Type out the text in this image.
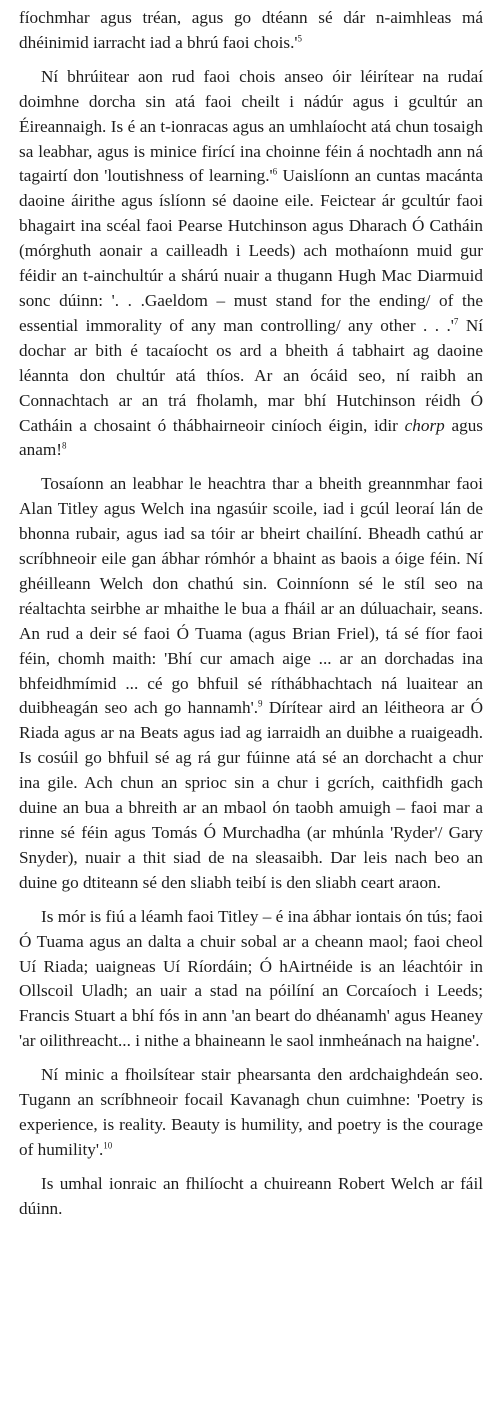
fíochmhar agus tréan, agus go dtéann sé dár n-aimhleas má dhéinimid iarracht iad a bhrú faoi $chois.'^5$

Ní bhrúitear aon rud faoi chois anseo óir léirítear na rudaí doimhne dorcha sin atá faoi cheilt i nádúr agus i gcultúr an Éireannaigh. Is é an t-ionracas agus an umhlaíocht atá chun tosaigh sa leabhar, agus is minice firící ina choinne féin á nochtadh ann ná tagairtí don 'loutishness of $learning.'^6$ Uaislíonn an cuntas macánta daoine áirithe agus íslíonn sé daoine eile. Feictear ár gcultúr faoi bhagairt ina scéal faoi Pearse Hutchinson agus Dharach Ó Catháin (mórghuth aonair a cailleadh i Leeds) ach mothaíonn muid gur féidir an t-ainchultúr a shárú nuair a thugann Hugh Mac Diarmuid sonc dúinn: '. . .Gaeldom – must stand for the ending/ of the essential immorality of any man controlling/ any other . . $.'^7$ Ní dochar ar bith é tacaíocht os ard a bheith á tabhairt ag daoine léannta don chultúr atá thíos. Ar an ócáid seo, ní raibh an Connachtach ar an trá fholamh, mar bhí Hutchinson réidh Ó Catháin a chosaint ó thábhairneoir ciníoch éigin, idir chorp agus anam!$^8$

Tosaíonn an leabhar le heachtra thar a bheith greannmhar faoi Alan Titley agus Welch ina ngasúir scoile, iad i gcúl leoraí lán de bhonna rubair, agus iad sa tóir ar bheirt chailíní. Bheadh cathú ar scríbhneoir eile gan ábhar rómhór a bhaint as baois a óige féin. Ní ghéilleann Welch don chathú sin. Coinníonn sé le stíl seo na réaltachta seirbhe ar mhaithe le bua a fháil ar an dúluachair, seans. An rud a deir sé faoi Ó Tuama (agus Brian Friel), tá sé fíor faoi féin, chomh maith: 'Bhí cur amach aige ... ar an dorchadas ina bhfeidhmímid ... cé go bhfuil sé ríthábhachtach ná luaitear an duibheagán seo ach go hannamh'.$^9$ Dírítear aird an léitheora ar Ó Riada agus ar na Beats agus iad ag iarraidh an duibhe a ruaigeadh. Is cosúil go bhfuil sé ag rá gur fúinne atá sé an dorchacht a chur ina gile. Ach chun an sprioc sin a chur i gcrích, caithfidh gach duine an bua a bhreith ar an mbaol ón taobh amuigh – faoi mar a rinne sé féin agus Tomás Ó Murchadha (ar mhúnla 'Ryder'/ Gary Snyder), nuair a thit siad de na sleasaibh. Dar leis nach beo an duine go dtiteann sé den sliabh teibí is den sliabh ceart araon.

Is mór is fiú a léamh faoi Titley – é ina ábhar iontais ón tús; faoi Ó Tuama agus an dalta a chuir sobal ar a cheann maol; faoi cheol Uí Riada; uaigneas Uí Ríordáin; Ó hAirtnéide is an léachtóir in Ollscoil Uladh; an uair a stad na póilíní an Corcaíoch i Leeds; Francis Stuart a bhí fós in ann 'an beart do dhéanamh' agus Heaney 'ar oilithreacht... i nithe a bhaineann le saol inmheánach na haigne'.

Ní minic a fhoilsítear stair phearsanta den ardchaighdeán seo. Tugann an scríbhneoir focail Kavanagh chun cuimhne: 'Poetry is experience, is reality. Beauty is humility, and poetry is the courage of humility'.$^{10}$

Is umhal ionraic an fhilíocht a chuireann Robert Welch ar fáil dúinn.
